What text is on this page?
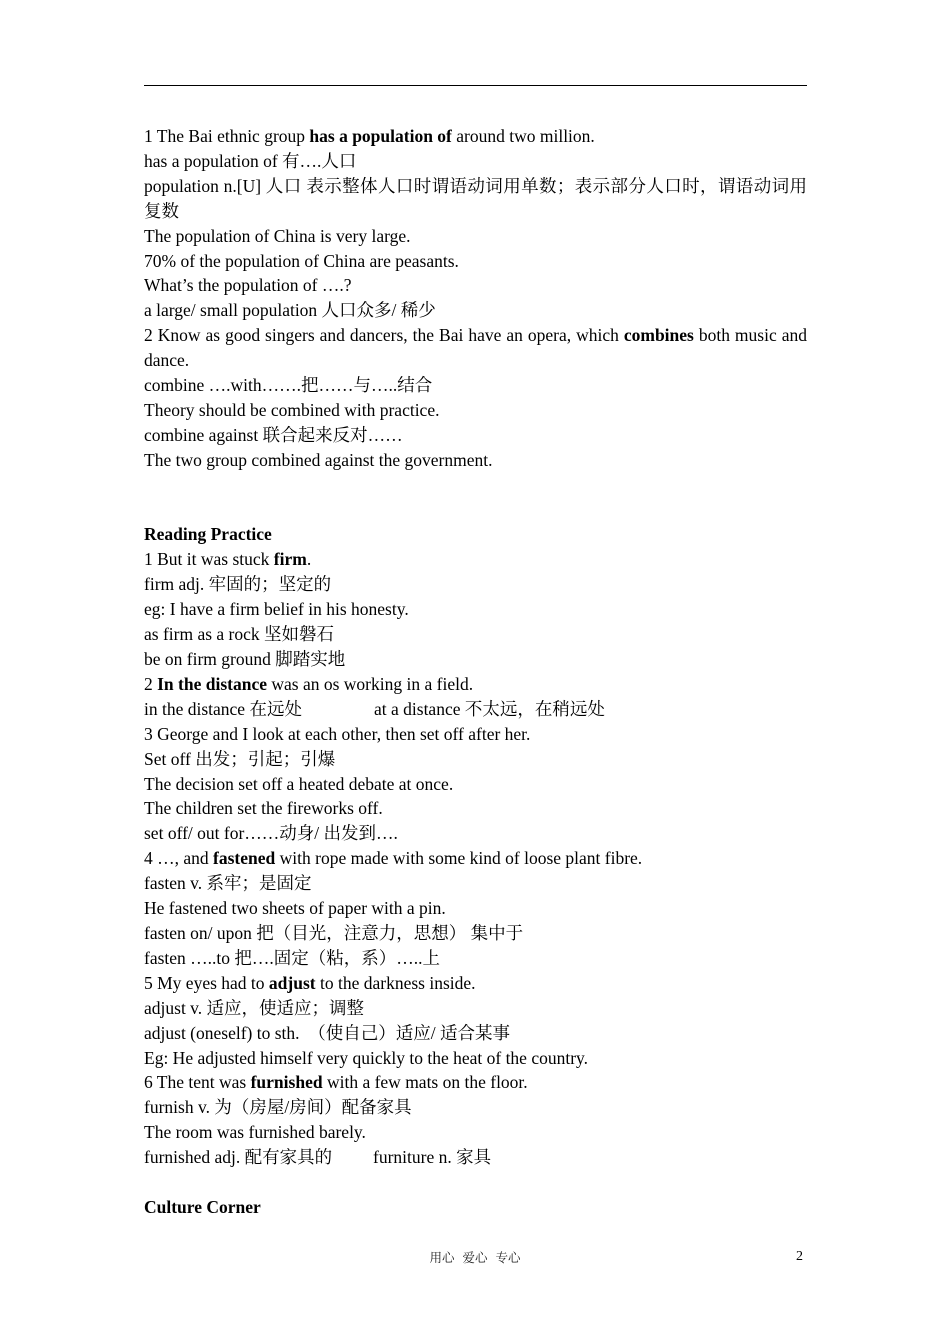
1 The Bai ethnic group has a population of around two million.
has a population of 有….人口
population n.[U] 人口 表示整体人口时谓语动词用单数；表示部分人口时，谓语动词用复数
The population of China is very large.
70% of the population of China are peasants.
What’s the population of ….?
a large/ small population 人口众多/ 稀少
2 Know as good singers and dancers, the Bai have an opera, which combines both music and dance.
combine ….with…….把……与…..结合
Theory should be combined with practice.
combine against 联合起来反对……
The two group combined against the government.
Reading Practice
1 But it was stuck firm.
firm adj. 牢固的；坚定的
eg: I have a firm belief in his honesty.
as firm as a rock 坚如磐石
be on firm ground 脚踏实地
2 In the distance was an os working in a field.
in the distance 在远处	at a distance 不太远，在稍远处
3 George and I look at each other, then set off after her.
Set off 出发；引起；引爆
The decision set off a heated debate at once.
The children set the fireworks off.
set off/ out for……动身/ 出发到….
4 …, and fastened with rope made with some kind of loose plant fibre.
fasten v. 系牢；是固定
He fastened two sheets of paper with a pin.
fasten on/ upon 把（目光，注意力，思想） 集中于
fasten …..to 把….固定（粘，系）…..上
5 My eyes had to adjust to the darkness inside.
adjust v. 适应，使适应；调整
adjust (oneself) to sth.　（使自己）适应/ 适合某事
Eg: He adjusted himself very quickly to the heat of the country.
6 The tent was furnished with a few mats on the floor.
furnish v. 为（房屋/房间）配备家具
The room was furnished barely.
furnished adj. 配有家具的 furniture n. 家具
Culture Corner
用心  爱心  专心	2
